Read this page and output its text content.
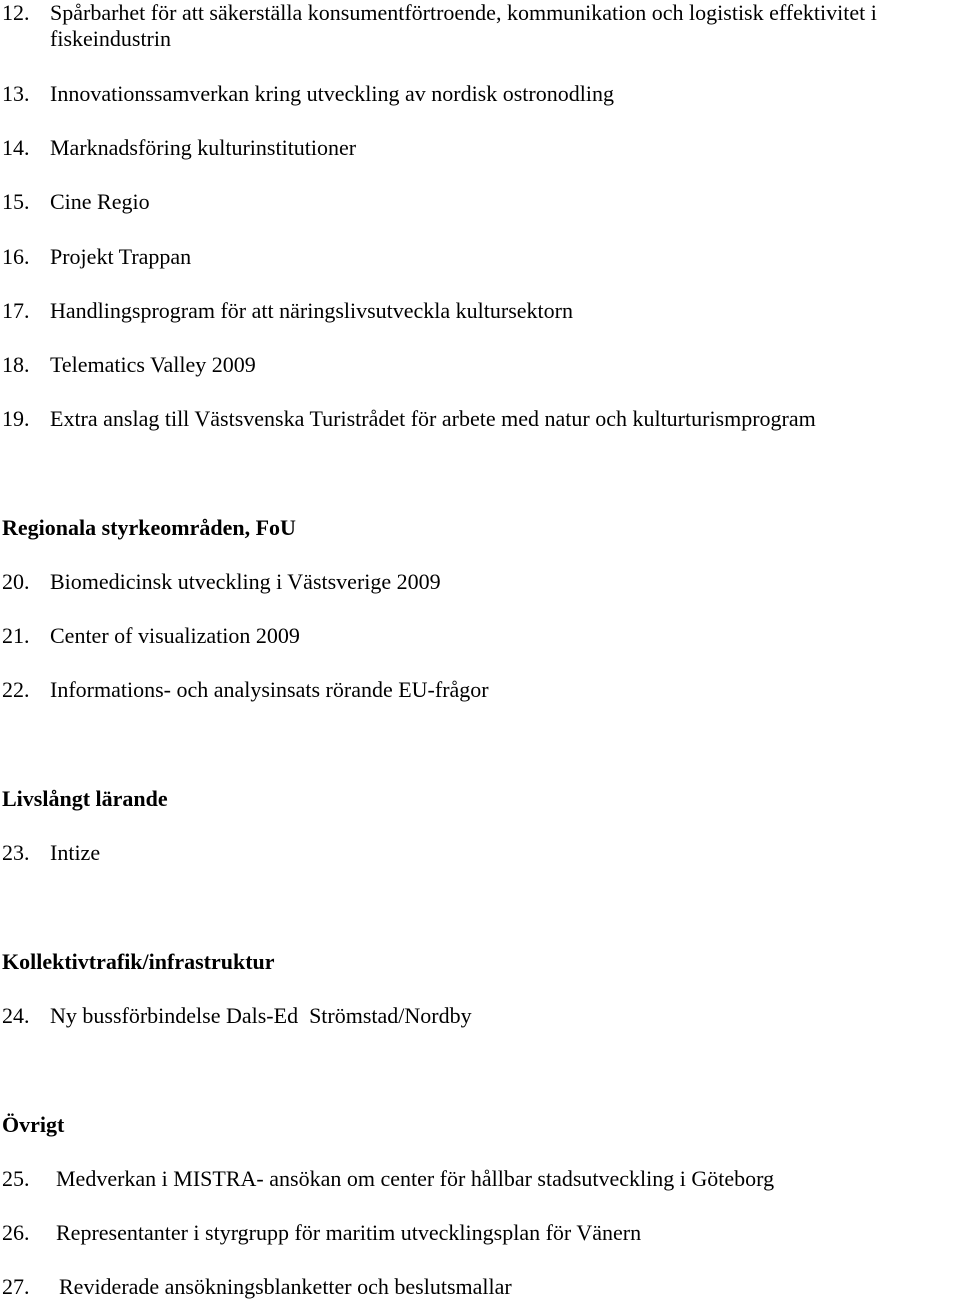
12. Spårbarhet för att säkerställa konsumentförtroende, kommunikation och logistisk effektivitet i
fiskeindustrin
13. Innovationssamverkan kring utveckling av nordisk ostronodling
14. Marknadsföring kulturinstitutioner
15. Cine Regio
16. Projekt Trappan
17. Handlingsprogram för att näringslivsutveckla kultursektorn
18. Telematics Valley 2009
19. Extra anslag till Västsvenska Turistrådet för arbete med natur och kulturturismprogram
Regionala styrkeområden, FoU
20. Biomedicinsk utveckling i Västsverige 2009
21. Center of visualization 2009
22. Informations- och analysinsats rörande EU-frågor
Livslångt lärande
23. Intize
Kollektivtrafik/infrastruktur
24. Ny bussförbindelse Dals-Ed  Strömstad/Nordby
Övrigt
25. Medverkan i MISTRA- ansökan om center för hållbar stadsutveckling i Göteborg
26. Representanter i styrgrupp för maritim utvecklingsplan för Vänern
27. Reviderade ansökningsblanketter och beslutsmallar
